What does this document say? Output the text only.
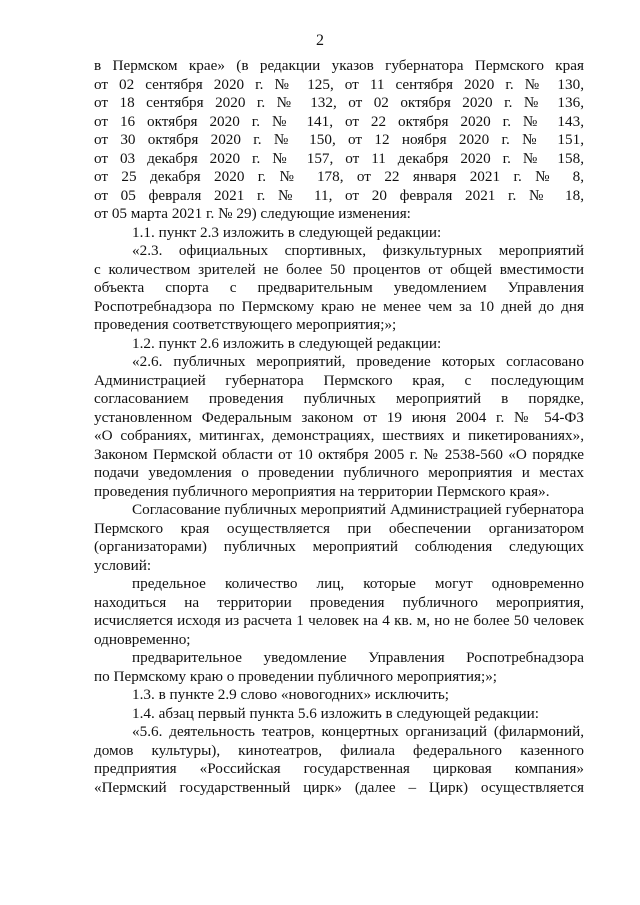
2
в Пермском крае» (в редакции указов губернатора Пермского края
от 02 сентября 2020 г. № 125, от 11 сентября 2020 г. № 130,
от 18 сентября 2020 г. № 132, от 02 октября 2020 г. № 136,
от 16 октября 2020 г. № 141, от 22 октября 2020 г. № 143,
от 30 октября 2020 г. № 150, от 12 ноября 2020 г. № 151,
от 03 декабря 2020 г. № 157, от 11 декабря 2020 г. № 158,
от 25 декабря 2020 г. № 178, от 22 января 2021 г. № 8,
от 05 февраля 2021 г. № 11, от 20 февраля 2021 г. № 18,
от 05 марта 2021 г. № 29) следующие изменения:
1.1. пункт 2.3 изложить в следующей редакции:
«2.3. официальных спортивных, физкультурных мероприятий
с количеством зрителей не более 50 процентов от общей вместимости
объекта спорта с предварительным уведомлением Управления
Роспотребнадзора по Пермскому краю не менее чем за 10 дней до дня
проведения соответствующего мероприятия;»;
1.2. пункт 2.6 изложить в следующей редакции:
«2.6. публичных мероприятий, проведение которых согласовано
Администрацией губернатора Пермского края, с последующим
согласованием проведения публичных мероприятий в порядке,
установленном Федеральным законом от 19 июня 2004 г. № 54-ФЗ
«О собраниях, митингах, демонстрациях, шествиях и пикетированиях»,
Законом Пермской области от 10 октября 2005 г. № 2538-560 «О порядке
подачи уведомления о проведении публичного мероприятия и местах
проведения публичного мероприятия на территории Пермского края».
Согласование публичных мероприятий Администрацией губернатора
Пермского края осуществляется при обеспечении организатором
(организаторами) публичных мероприятий соблюдения следующих
условий:
предельное количество лиц, которые могут одновременно
находиться на территории проведения публичного мероприятия,
исчисляется исходя из расчета 1 человек на 4 кв. м, но не более 50 человек
одновременно;
предварительное уведомление Управления Роспотребнадзора
по Пермскому краю о проведении публичного мероприятия;»;
1.3. в пункте 2.9 слово «новогодних» исключить;
1.4. абзац первый пункта 5.6 изложить в следующей редакции:
«5.6. деятельность театров, концертных организаций (филармоний,
домов культуры), кинотеатров, филиала федерального казенного
предприятия «Российская государственная цирковая компания»
«Пермский государственный цирк» (далее – Цирк) осуществляется
